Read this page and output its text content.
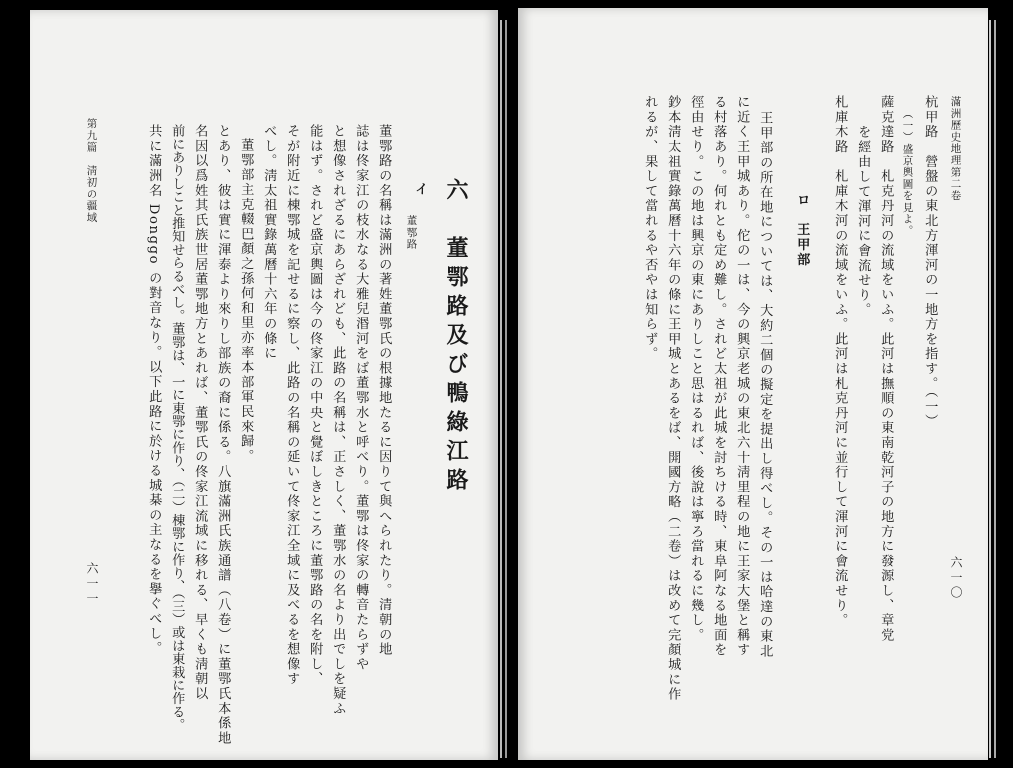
六　董鄂路及び鴨綠江路
イ
董鄂路
董鄂路の名稱は滿洲の著姓董鄂氏の根據地たるに因りて與へられたり。清朝の地
誌は佟家江の枝水なる大雅兒湣河をば董鄂水と呼べり。董鄂は佟家の轉音たらずや
と想像されざるにあらざれども、此路の名稱は、正さしく、董鄂水の名より出でしを疑ふ
能はず。されど盛京輿圖は今の佟家江の中央と覺ぼしきところに董鄂路の名を附し、
そが附近に棟鄂城を記せるに察し、此路の名稱の延いて佟家江全域に及べるを想像す
べし。淸太祖實錄萬曆十六年の條に
董鄂部主克輟巴顏之孫何和里亦率本部軍民來歸。
とあり、彼は實に渾泰より來りし部族の裔に係る。八旗滿洲氏族通譜（八卷）に董鄂氏本係地
名因以爲姓其氏族世居董鄂地方とあれば、董鄂氏の佟家江流域に移れる、早くも淸朝以
前にありしこと推知せらるべし。董鄂は、一に東鄂に作り、（二）棟鄂に作り、（三）或は東栽に作る。
共に滿洲名 Donggo の對音なり。以下此路に於ける城棊の主なるを擧ぐべし。
第九篇　淸初の疆域
六一一
滿洲歷史地理第二卷
六一〇
杭甲路　營盤の東北方渾河の一地方を指す。（一）
（一）盛京輿圖を見よ。
薩克達路　札克丹河の流域をいふ。此河は撫順の東南乾河子の地方に發源し、章党
を經由して渾河に會流せり。
札庫木路　札庫木河の流域をいふ。此河は札克丹河に並行して渾河に會流せり。
ロ　王甲部
王甲部の所在地については、大約二個の擬定を提出し得べし。その一は哈達の東北
に近く王甲城あり。佗の一は、今の興京老城の東北六十淸里程の地に王家大堡と稱す
る村落あり。何れとも定め難し。されど太祖が此城を討ちける時、東阜阿なる地面を
徑由せり。この地は興京の東にありしこと思はるれば、後說は寧ろ當れるに幾し。
鈔本淸太祖實錄萬曆十六年の條に王甲城とあるをば、開國方略（二卷）は改めて完顏城に作
れるが、果して當れるや否やは知らず。
